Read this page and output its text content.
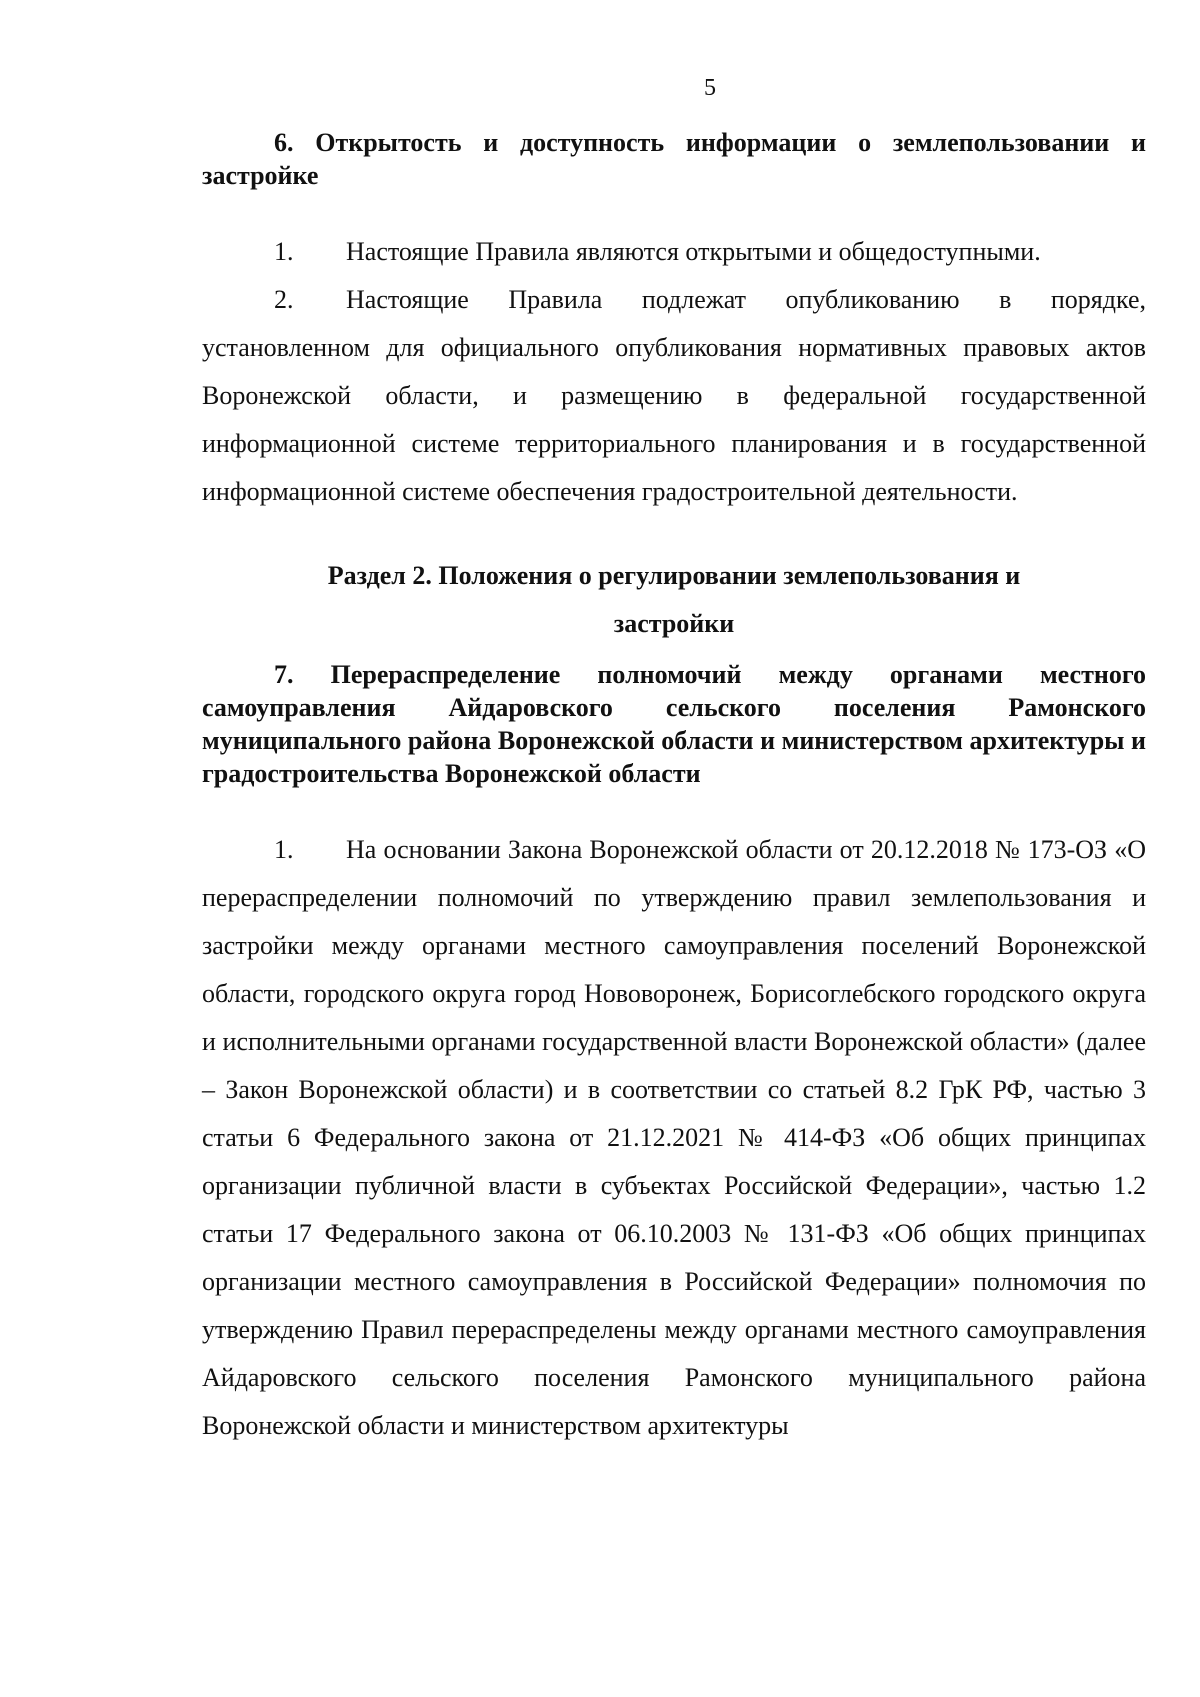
5

6. Открытость и доступность информации о землепользовании и застройке

1. Настоящие Правила являются открытыми и общедоступными.

2. Настоящие Правила подлежат опубликованию в порядке, установленном для официального опубликования нормативных правовых актов Воронежской области, и размещению в федеральной государственной информационной системе территориального планирования и в государственной информационной системе обеспечения градостроительной деятельности.

Раздел 2. Положения о регулировании землепользования и
застройки

7. Перераспределение полномочий между органами местного самоуправления Айдаровского сельского поселения Рамонского муниципального района Воронежской области и министерством архитектуры и градостроительства Воронежской области

1. На основании Закона Воронежской области от 20.12.2018 № 173-ОЗ «О перераспределении полномочий по утверждению правил землепользования и застройки между органами местного самоуправления поселений Воронежской области, городского округа город Нововоронеж, Борисоглебского городского округа и исполнительными органами государственной власти Воронежской области» (далее – Закон Воронежской области) и в соответствии со статьей 8.2 ГрК РФ, частью 3 статьи 6 Федерального закона от 21.12.2021 № 414-ФЗ «Об общих принципах организации публичной власти в субъектах Российской Федерации», частью 1.2 статьи 17 Федерального закона от 06.10.2003 № 131-ФЗ «Об общих принципах организации местного самоуправления в Российской Федерации» полномочия по утверждению Правил перераспределены между органами местного самоуправления Айдаровского сельского поселения Рамонского муниципального района Воронежской области и министерством архитектуры
